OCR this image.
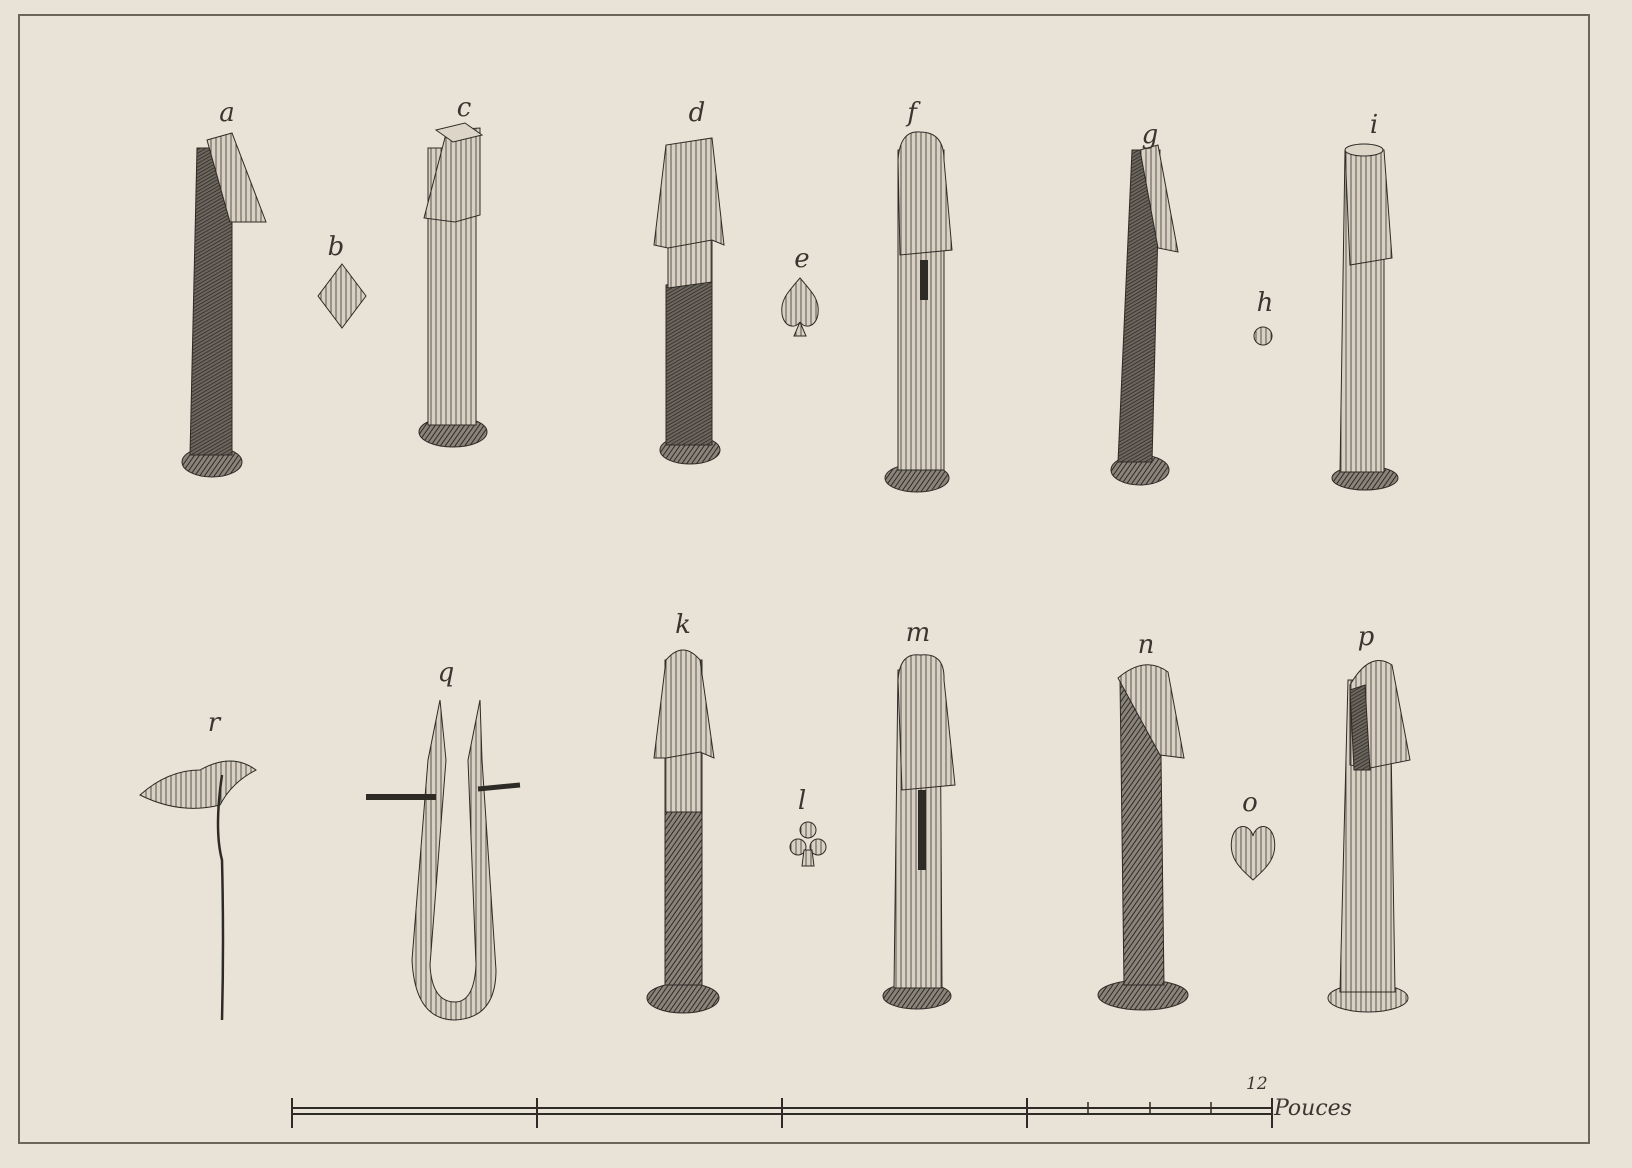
a
b
c	d
e
f
g
h
i
k
l
m	n
o
p
q
r
12
Pouces
